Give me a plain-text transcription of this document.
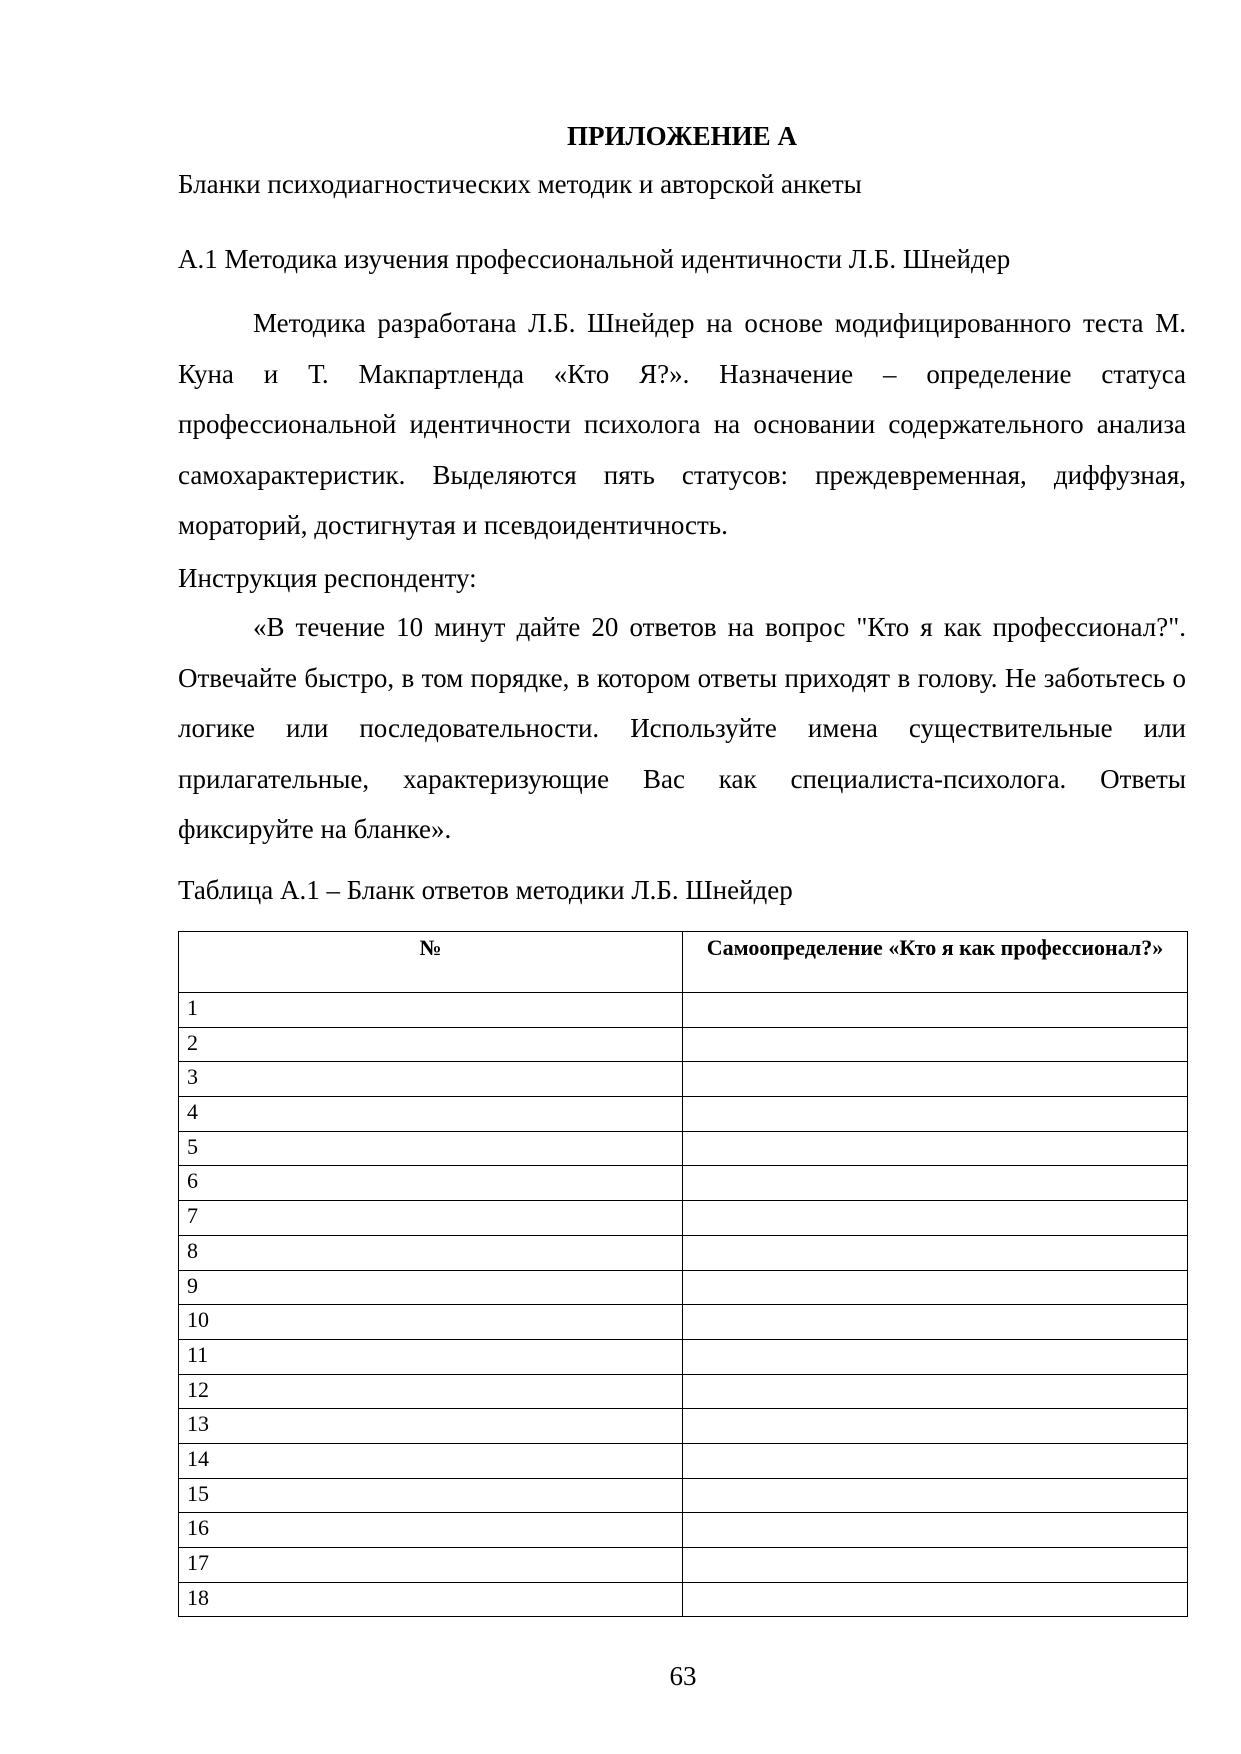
ПРИЛОЖЕНИЕ А
Бланки психодиагностических методик и авторской анкеты
А.1 Методика изучения профессиональной идентичности Л.Б. Шнейдер

Методика разработана Л.Б. Шнейдер на основе модифицированного теста М. Куна и Т. Макпартленда «Кто Я?». Назначение – определение статуса профессиональной идентичности психолога на основании содержательного анализа самохарактеристик. Выделяются пять статусов: преждевременная, диффузная, мораторий, достигнутая и псевдоидентичность.

Инструкция респонденту:

«В течение 10 минут дайте 20 ответов на вопрос "Кто я как профессионал?". Отвечайте быстро, в том порядке, в котором ответы приходят в голову. Не заботьтесь о логике или последовательности. Используйте имена существительные или прилагательные, характеризующие Вас как специалиста-психолога. Ответы фиксируйте на бланке».

Таблица А.1 – Бланк ответов методики Л.Б. Шнейдер
№	Самоопределение «Кто я как профессионал?»
1	
2	
3	
4	
5	
6	
7	
8	
9	
10	
11	
12	
13	
14	
15	
16	
17	
18	
63
